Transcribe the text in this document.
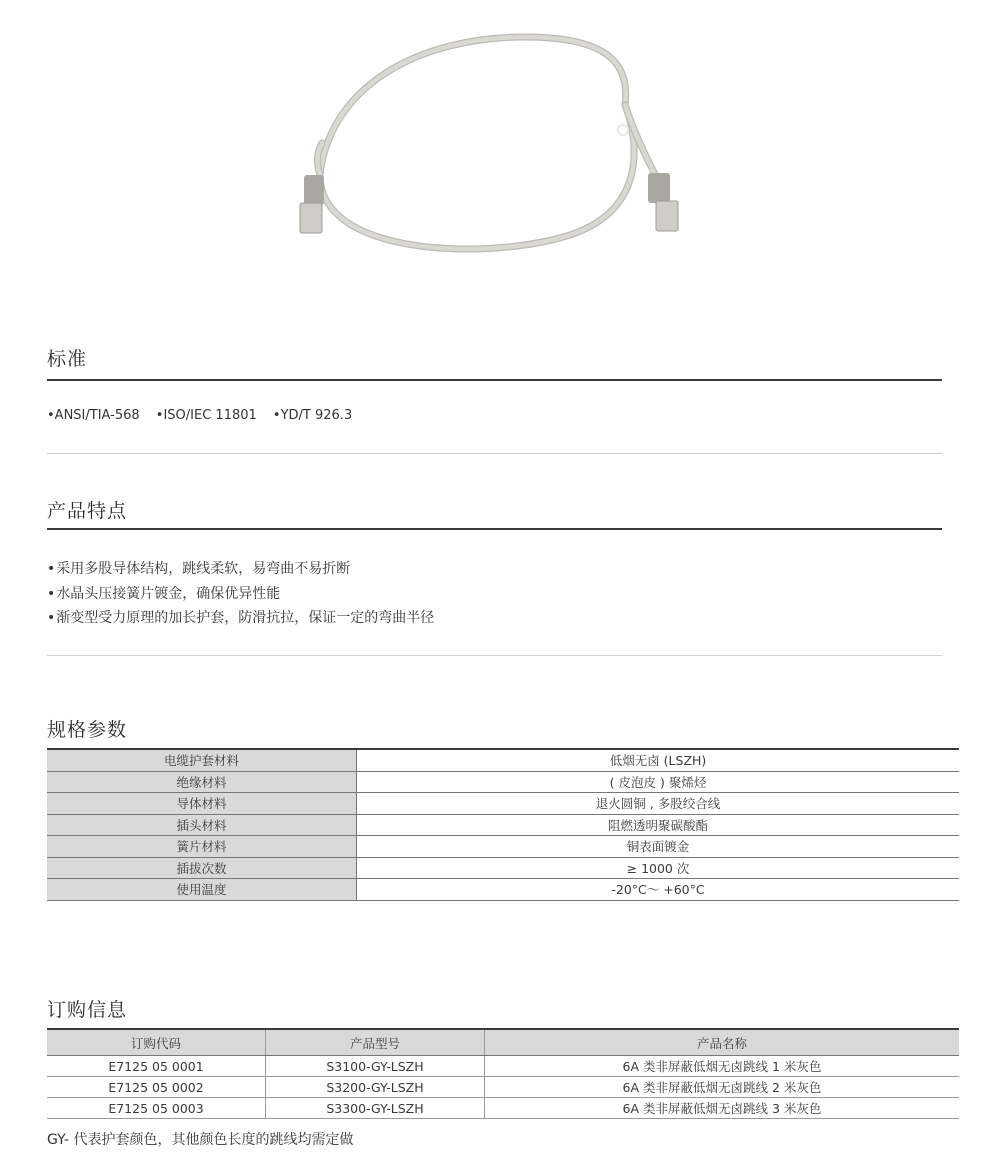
标准
•ANSI/TIA-568 •ISO/IEC 11801 •YD/T 926.3
产品特点
• 采用多股导体结构，跳线柔软，易弯曲不易折断
• 水晶头压接簧片镀金，确保优异性能
• 渐变型受力原理的加长护套，防滑抗拉，保证一定的弯曲半径
规格参数
电缆护套材料	低烟无卤 (LSZH)
绝缘材料	( 皮泡皮 ) 聚烯烃
导体材料	退火圆铜 , 多股绞合线
插头材料	阻燃透明聚碳酸酯
簧片材料	铜表面镀金
插拔次数	≥ 1000 次
使用温度	-20°C～ +60°C
订购信息
订购代码	产品型号	产品名称
E7125 05 0001	S3100-GY-LSZH	6A 类非屏蔽低烟无卤跳线 1 米灰色
E7125 05 0002	S3200-GY-LSZH	6A 类非屏蔽低烟无卤跳线 2 米灰色
E7125 05 0003	S3300-GY-LSZH	6A 类非屏蔽低烟无卤跳线 3 米灰色
GY- 代表护套颜色，其他颜色长度的跳线均需定做
